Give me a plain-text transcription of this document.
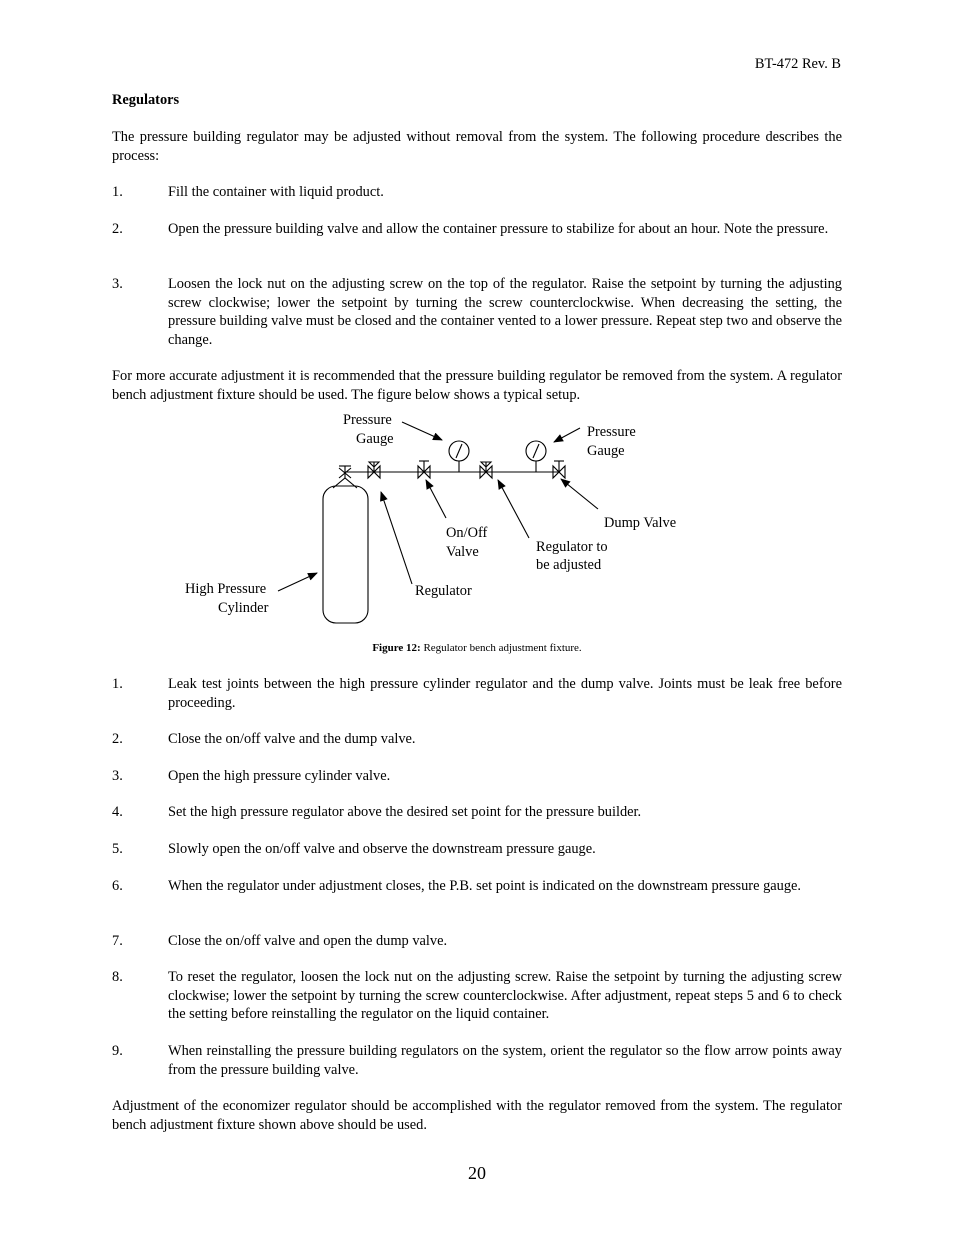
BT-472 Rev. B
Regulators
The pressure building regulator may be adjusted without removal from the system. The following procedure describes the process:
1.	Fill the container with liquid product.
2.	Open the pressure building valve and allow the container pressure to stabilize for about an hour. Note the pressure.
3.	Loosen the lock nut on the adjusting screw on the top of the regulator. Raise the setpoint by turning the adjusting screw clockwise; lower the setpoint by turning the screw counterclockwise. When decreasing the setting, the pressure building valve must be closed and the container vented to a lower pressure. Repeat step two and observe the change.
For more accurate adjustment it is recommended that the pressure building regulator be removed from the system. A regulator bench adjustment fixture should be used. The figure below shows a typical setup.
Pressure
Gauge	Pressure
Gauge
Dump Valve
On/Off
Valve	Regulator to
be adjusted
High Pressure
Cylinder
Regulator
Figure 12: Regulator bench adjustment fixture.
1.	Leak test joints between the high pressure cylinder regulator and the dump valve. Joints must be leak free before proceeding.
2.	Close the on/off valve and the dump valve.
3.	Open the high pressure cylinder valve.
4.	Set the high pressure regulator above the desired set point for the pressure builder.
5.	Slowly open the on/off valve and observe the downstream pressure gauge.
6.	When the regulator under adjustment closes, the P.B. set point is indicated on the downstream pressure gauge.
7.	Close the on/off valve and open the dump valve.
8.	To reset the regulator, loosen the lock nut on the adjusting screw. Raise the setpoint by turning the adjusting screw clockwise; lower the setpoint by turning the screw counterclockwise. After adjustment, repeat steps 5 and 6 to check the setting before reinstalling the regulator on the liquid container.
9.	When reinstalling the pressure building regulators on the system, orient the regulator so the flow arrow points away from the pressure building valve.
Adjustment of the economizer regulator should be accomplished with the regulator removed from the system. The regulator bench adjustment fixture shown above should be used.
20
